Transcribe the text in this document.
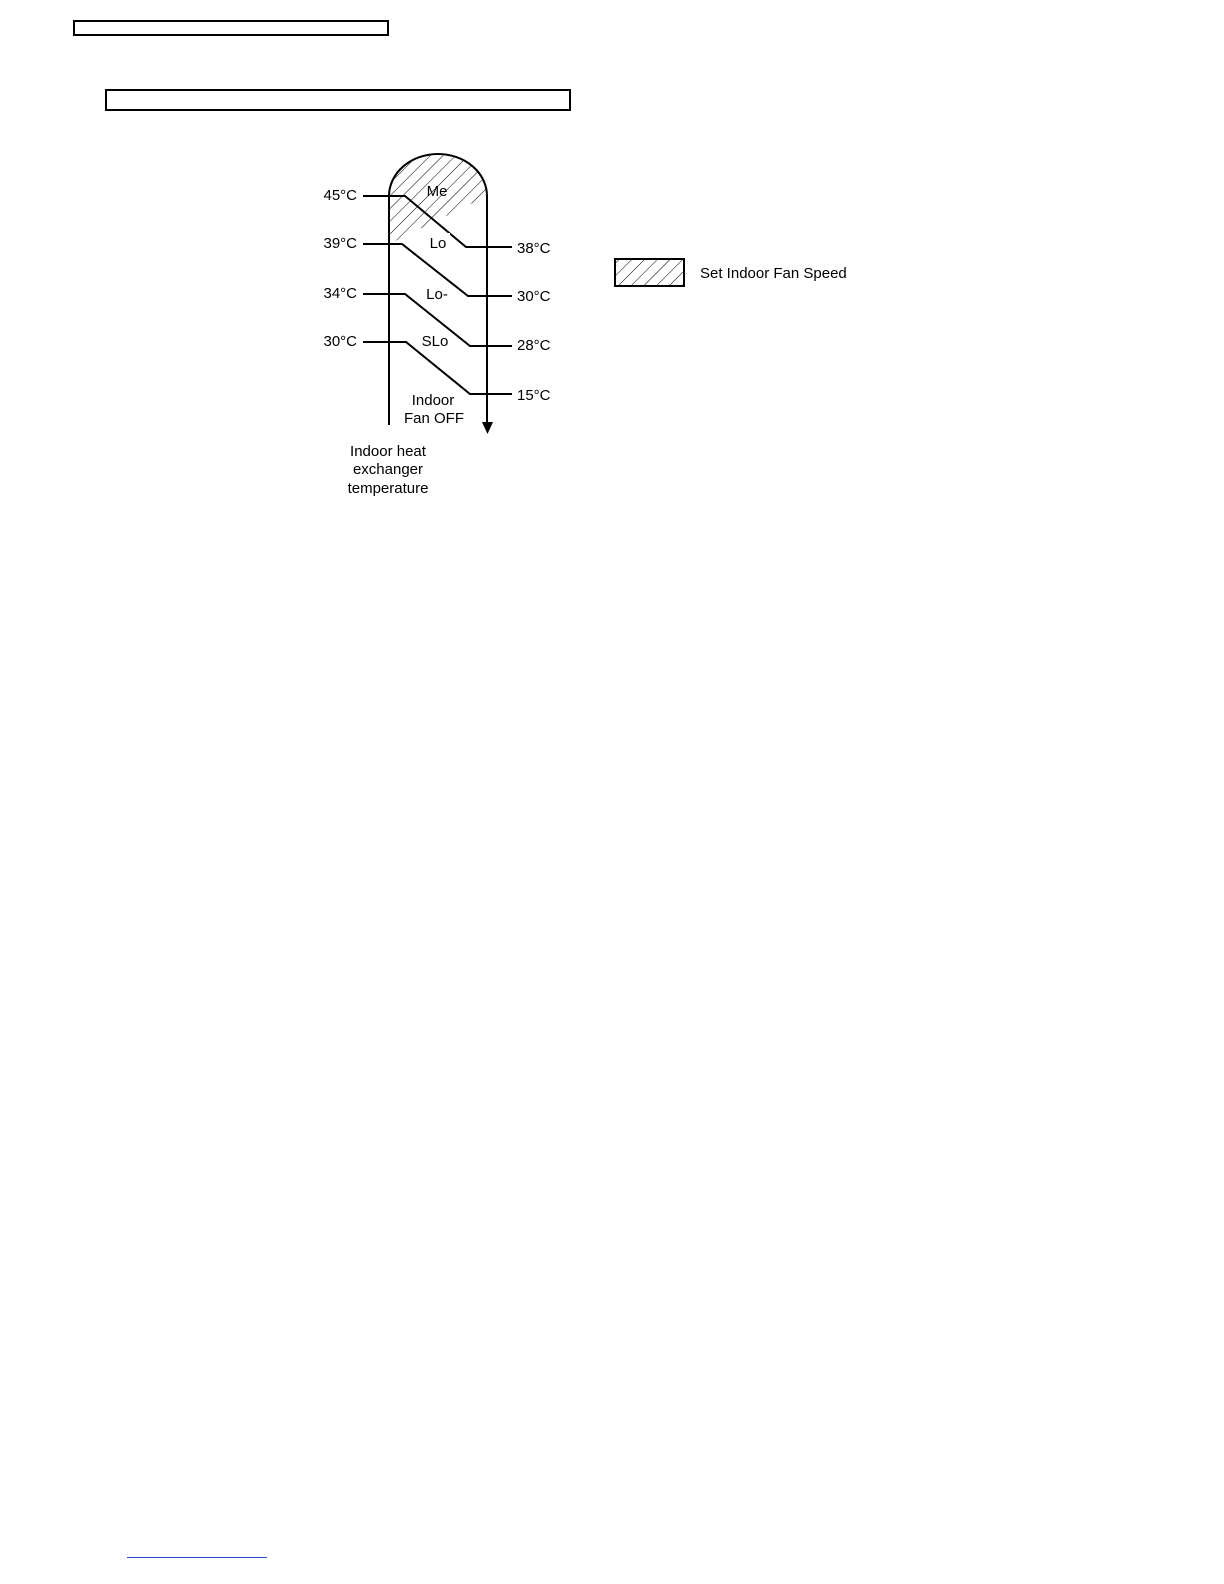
45°C
39°C
34°C
30°C
38°C
30°C
28°C
15°C
Me
Lo
Lo-
SLo
Indoor
Fan OFF
Indoor heat
exchanger
temperature
Set Indoor Fan Speed
